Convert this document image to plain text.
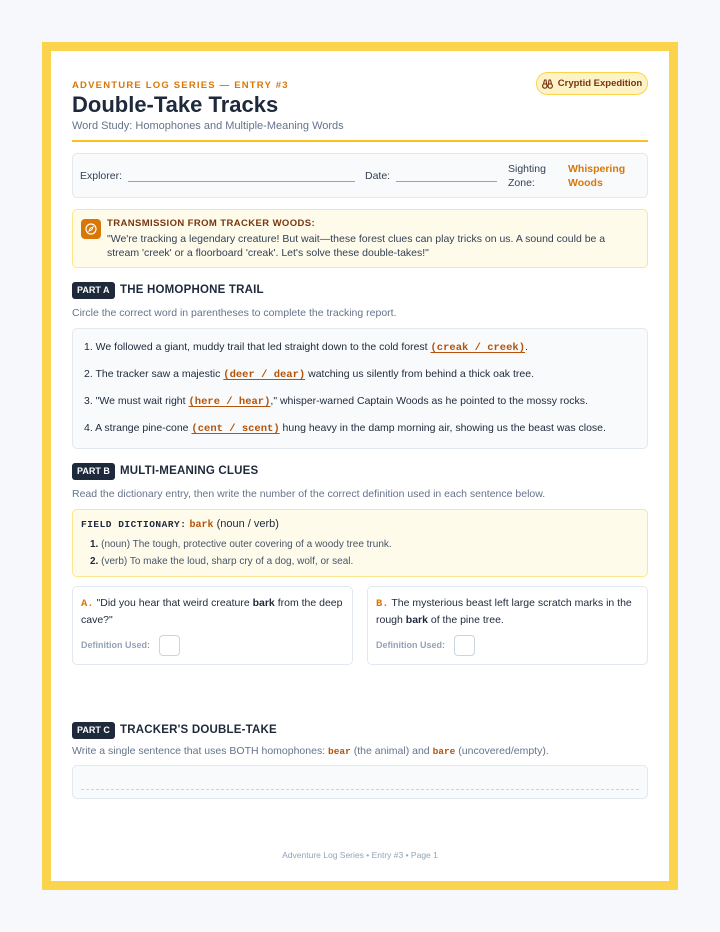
ADVENTURE LOG SERIES — ENTRY #3
Double-Take Tracks
Word Study: Homophones and Multiple-Meaning Words
Cryptid Expedition
Explorer:	Date:
Sighting
Zone:
Whispering
Woods
TRANSMISSION FROM TRACKER WOODS:
"We're tracking a legendary creature! But wait—these forest clues can play tricks on us. A sound could be a stream 'creek' or a floorboard 'creak'. Let's solve these double-takes!"
PART A THE HOMOPHONE TRAIL
Circle the correct word in parentheses to complete the tracking report.
1. We followed a giant, muddy trail that led straight down to the cold forest (creak / creek).
2. The tracker saw a majestic (deer / dear) watching us silently from behind a thick oak tree.
3. "We must wait right (here / hear)," whisper-warned Captain Woods as he pointed to the mossy rocks.
4. A strange pine-cone (cent / scent) hung heavy in the damp morning air, showing us the beast was close.
PART B MULTI-MEANING CLUES
Read the dictionary entry, then write the number of the correct definition used in each sentence below.
FIELD DICTIONARY: bark (noun / verb)
1. (noun) The tough, protective outer covering of a woody tree trunk.
2. (verb) To make the loud, sharp cry of a dog, wolf, or seal.
A. "Did you hear that weird creature bark from the deep cave?"
Definition Used:
B. The mysterious beast left large scratch marks in the rough bark of the pine tree.
Definition Used:
PART C TRACKER'S DOUBLE-TAKE
Write a single sentence that uses BOTH homophones: bear (the animal) and bare (uncovered/empty).
Adventure Log Series • Entry #3 • Page 1
